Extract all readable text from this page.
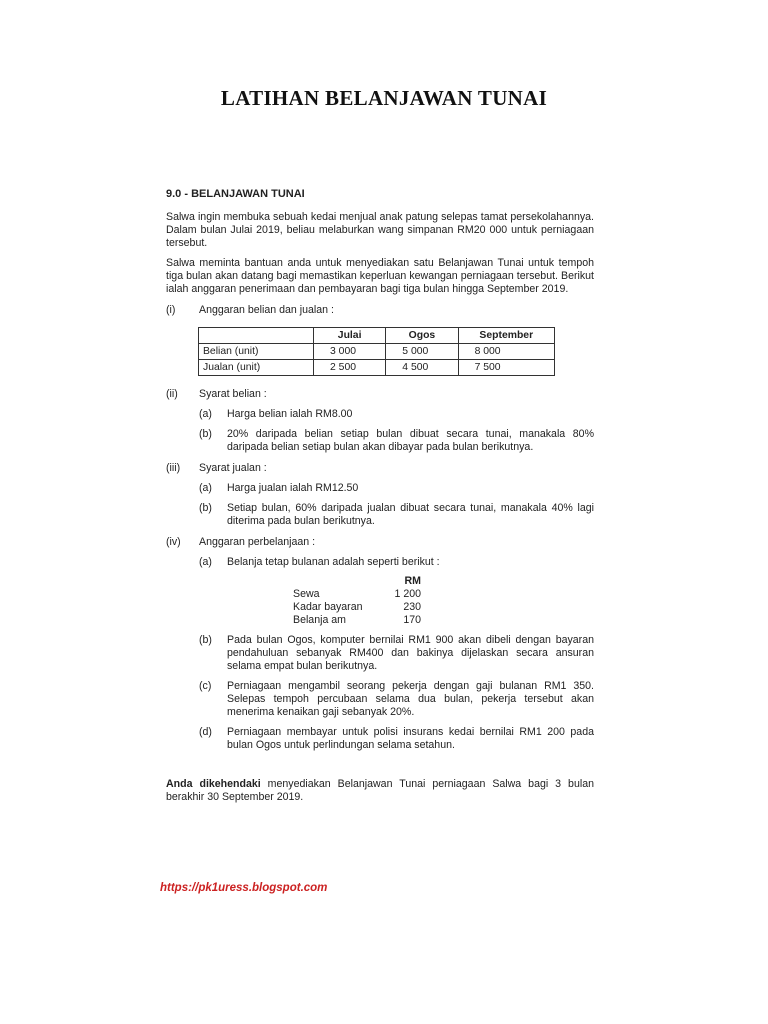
LATIHAN BELANJAWAN TUNAI
9.0 - BELANJAWAN TUNAI

Salwa ingin membuka sebuah kedai menjual anak patung selepas tamat persekolahannya. Dalam bulan Julai 2019, beliau melaburkan wang simpanan RM20 000 untuk perniagaan tersebut.

Salwa meminta bantuan anda untuk menyediakan satu Belanjawan Tunai untuk tempoh tiga bulan akan datang bagi memastikan keperluan kewangan perniagaan tersebut. Berikut ialah anggaran penerimaan dan pembayaran bagi tiga bulan hingga September 2019.

(i)	Anggaran belian dan jualan :
	Julai	Ogos	September
Belian (unit)	3 000	5 000	8 000
Jualan (unit)	2 500	4 500	7 500
(ii)	Syarat belian :
(a)	Harga belian ialah RM8.00
(b)	20% daripada belian setiap bulan dibuat secara tunai, manakala 80% daripada belian setiap bulan akan dibayar pada bulan berikutnya.
(iii)	Syarat jualan :
(a)	Harga jualan ialah RM12.50
(b)	Setiap bulan, 60% daripada jualan dibuat secara tunai, manakala 40% lagi diterima pada bulan berikutnya.
(iv)	Anggaran perbelanjaan :
(a)	Belanja tetap bulanan adalah seperti berikut :
RM
Sewa	1 200
Kadar bayaran	230
Belanja am	170
(b)	Pada bulan Ogos, komputer bernilai RM1 900 akan dibeli dengan bayaran pendahuluan sebanyak RM400 dan bakinya dijelaskan secara ansuran selama empat bulan berikutnya.
(c)	Perniagaan mengambil seorang pekerja dengan gaji bulanan RM1 350. Selepas tempoh percubaan selama dua bulan, pekerja tersebut akan menerima kenaikan gaji sebanyak 20%.
(d)	Perniagaan membayar untuk polisi insurans kedai bernilai RM1 200 pada bulan Ogos untuk perlindungan selama setahun.

Anda dikehendaki menyediakan Belanjawan Tunai perniagaan Salwa bagi 3 bulan berakhir 30 September 2019.

https://pk1uress.blogspot.com
